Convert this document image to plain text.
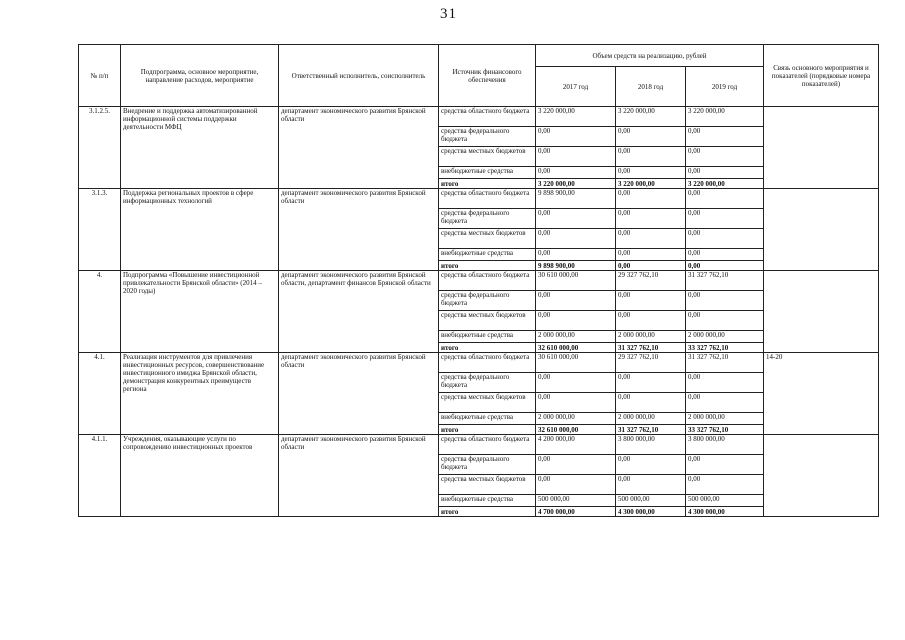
31
№ п/п	Подпрограмма, основное мероприятие, направление расходов, мероприятие	Ответственный исполнитель, соисполнитель	Источник финансового обеспечения	Объем средств на реализацию, рублей			Связь основного мероприятия и показателей (порядковые номера показателей)
				2017 год	2018 год	2019 год	
3.1.2.5.	Внедрение и поддержка автоматизированной информационной системы поддержки деятельности МФЦ	департамент экономического развития Брянской области	средства областного бюджета	3 220 000,00	3 220 000,00	3 220 000,00	
			средства федерального бюджета	0,00	0,00	0,00	
			средства местных бюджетов	0,00	0,00	0,00	
			внебюджетные средства	0,00	0,00	0,00	
			итого	3 220 000,00	3 220 000,00	3 220 000,00	
3.1.3.	Поддержка региональных проектов в сфере информационных технологий	департамент экономического развития Брянской области	средства областного бюджета	9 898 900,00	0,00	0,00	
			средства федерального бюджета	0,00	0,00	0,00	
			средства местных бюджетов	0,00	0,00	0,00	
			внебюджетные средства	0,00	0,00	0,00	
			итого	9 898 900,00	0,00	0,00	
4.	Подпрограмма «Повышение инвестиционной привлекательности Брянской области» (2014 – 2020 годы)	департамент экономического развития Брянской области, департамент финансов Брянской области	средства областного бюджета	30 610 000,00	29 327 762,10	31 327 762,10	
			средства федерального бюджета	0,00	0,00	0,00	
			средства местных бюджетов	0,00	0,00	0,00	
			внебюджетные средства	2 000 000,00	2 000 000,00	2 000 000,00	
			итого	32 610 000,00	31 327 762,10	33 327 762,10	
4.1.	Реализация инструментов для привлечения инвестиционных ресурсов, совершенствование инвестиционного имиджа Брянской области, демонстрация конкурентных преимуществ региона	департамент экономического развития Брянской области	средства областного бюджета	30 610 000,00	29 327 762,10	31 327 762,10	14-20
			средства федерального бюджета	0,00	0,00	0,00	
			средства местных бюджетов	0,00	0,00	0,00	
			внебюджетные средства	2 000 000,00	2 000 000,00	2 000 000,00	
			итого	32 610 000,00	31 327 762,10	33 327 762,10	
4.1.1.	Учреждения, оказывающие услуги по сопровождению инвестиционных проектов	департамент экономического развития Брянской области	средства областного бюджета	4 200 000,00	3 800 000,00	3 800 000,00	
			средства федерального бюджета	0,00	0,00	0,00	
			средства местных бюджетов	0,00	0,00	0,00	
			внебюджетные средства	500 000,00	500 000,00	500 000,00	
			итого	4 700 000,00	4 300 000,00	4 300 000,00	
